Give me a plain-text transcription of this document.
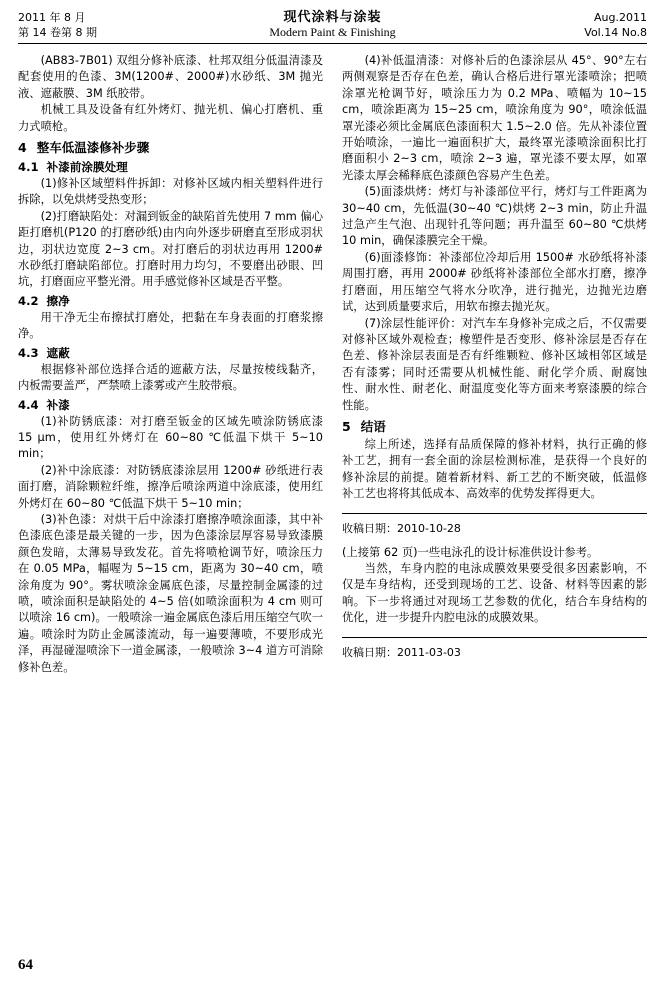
2011 年 8 月
第 14 卷第 8 期
现代涂料与涂装
Modern Paint & Finishing
Aug.2011
Vol.14 No.8

(AB83-7B01) 双组分修补底漆、杜邦双组分低温清漆及配套使用的色漆、3M(1200#、2000#)水砂纸、3M 抛光液、遮蔽膜、3M 纸胶带。

机械工具及设备有红外烤灯、抛光机、偏心打磨机、重力式喷枪。

4 整车低温漆修补步骤
4.1 补漆前涂膜处理

(1)修补区域塑料件拆卸：对修补区域内相关塑料件进行拆除，以免烘烤受热变形；

(2)打磨缺陷处：对漏到钣金的缺陷首先使用 7 mm 偏心距打磨机(P120 的打磨砂纸)由内向外逐步研磨直至形成羽状边，羽状边宽度 2~3 cm。对打磨后的羽状边再用 1200# 水砂纸打磨缺陷部位。打磨时用力均匀，不要磨出砂眼、凹坑，打磨面应平整光滑。用手感觉修补区域是否平整。

4.2 擦净

用干净无尘布擦拭打磨处，把黏在车身表面的打磨浆擦净。

4.3 遮蔽

根据修补部位选择合适的遮蔽方法，尽量按棱线黏齐，内板需要盖严，严禁喷上漆雾或产生胶带痕。

4.4 补漆

(1)补防锈底漆：对打磨至钣金的区域先喷涂防锈底漆 15 μm，使用红外烤灯在 60~80 ℃低温下烘干 5~10 min；

(2)补中涂底漆：对防锈底漆涂层用 1200# 砂纸进行表面打磨，消除颗粒纤维，擦净后喷涂两道中涂底漆，使用红外烤灯在 60~80 ℃低温下烘干 5~10 min；

(3)补色漆：对烘干后中涂漆打磨擦净喷涂面漆，其中补色漆底色漆是最关键的一步，因为色漆涂层厚容易导致漆膜颜色发暗，太薄易导致发花。首先将喷枪调节好，喷涂压力在 0.05 MPa，幅喔为 5~15 cm，距离为 30~40 cm，喷涂角度为 90°。雾状喷涂金属底色漆，尽量控制金属漆的过喷，喷涂面积是缺陷处的 4~5 倍(如喷涂面积为 4 cm 则可以喷涂 16 cm)。一般喷涂一遍金属底色漆后用压缩空气吹一遍。喷涂时为防止金属漆流动，每一遍要薄喷，不要形成光泽，再湿碰湿喷涂下一道金属漆，一般喷涂 3~4 道方可消除修补色差。

(4)补低温清漆：对修补后的色漆涂层从 45°、90°左右两侧观察是否存在色差，确认合格后进行罩光漆喷涂；把喷涂罩光枪调节好，喷涂压力为 0.2 MPa、喷幅为 10~15 cm，喷涂距离为 15~25 cm，喷涂角度为 90°，喷涂低温罩光漆必须比金属底色漆面积大 1.5~2.0 倍。先从补漆位置开始喷涂，一遍比一遍面积扩大，最终罩光漆喷涂面积比打磨面积小 2~3 cm，喷涂 2~3 遍，罩光漆不要太厚，如罩光漆太厚会稀释底色漆颜色容易产生色差。

(5)面漆烘烤：烤灯与补漆部位平行，烤灯与工件距离为 30~40 cm，先低温(30~40 ℃)烘烤 2~3 min，防止升温过急产生气泡、出现针孔等问题；再升温至 60~80 ℃烘烤 10 min，确保漆膜完全干燥。

(6)面漆修饰：补漆部位冷却后用 1500# 水砂纸将补漆周围打磨，再用 2000# 砂纸将补漆部位全部水打磨，擦净打磨面，用压缩空气将水分吹净，进行抛光，边抛光边磨试，达到质量要求后，用软布擦去抛光灰。

(7)涂层性能评价：对汽车车身修补完成之后，不仅需要对修补区域外观检查；橡塑件是否变形、修补涂层是否存在色差、修补涂层表面是否有纤维颗粒、修补区域相邻区域是否有漆雾；同时还需要从机械性能、耐化学介质、耐腐蚀性、耐水性、耐老化、耐温度变化等方面来考察漆膜的综合性能。

5 结语

综上所述，选择有品质保障的修补材料，执行正确的修补工艺，拥有一套全面的涂层检测标准，是获得一个良好的修补涂层的前提。随着新材料、新工艺的不断突破，低温修补工艺也将将其低成本、高效率的优势发挥得更大。

收稿日期：2010-10-28

(上接第 62 页)一些电泳孔的设计标准供设计参考。

当然，车身内腔的电泳成膜效果要受很多因素影响，不仅是车身结构，还受到现场的工艺、设备、材料等因素的影响。下一步将通过对现场工艺参数的优化，结合车身结构的优化，进一步提升内腔电泳的成膜效果。

收稿日期：2011-03-03

64
